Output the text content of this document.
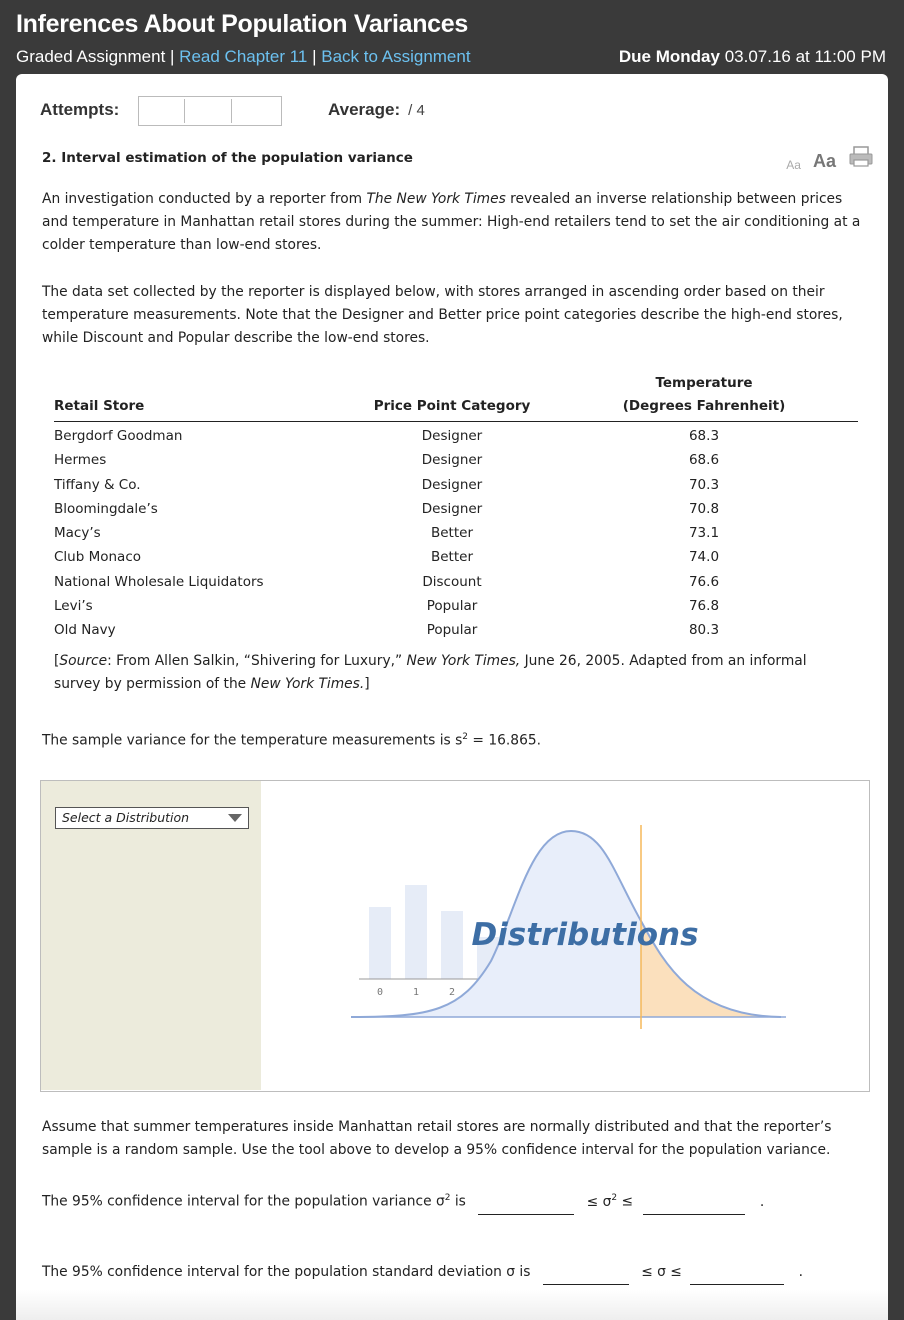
Inferences About Population Variances
Graded Assignment | Read Chapter 11 | Back to Assignment	Due Monday 03.07.16 at 11:00 PM
Attempts:	Average: / 4
2. Interval estimation of the population variance	Aa Aa
An investigation conducted by a reporter from The New York Times revealed an inverse relationship between prices and temperature in Manhattan retail stores during the summer: High-end retailers tend to set the air conditioning at a colder temperature than low-end stores.
The data set collected by the reporter is displayed below, with stores arranged in ascending order based on their temperature measurements. Note that the Designer and Better price point categories describe the high-end stores, while Discount and Popular describe the low-end stores.
Retail Store	Price Point Category	Temperature
(Degrees Fahrenheit)

Bergdorf Goodman	Designer	68.3
Hermes	Designer	68.6
Tiffany & Co.	Designer	70.3
Bloomingdale’s	Designer	70.8
Macy’s	Better	73.1
Club Monaco	Better	74.0
National Wholesale Liquidators	Discount	76.6
Levi’s	Popular	76.8
Old Navy	Popular	80.3
[Source: From Allen Salkin, “Shivering for Luxury,” New York Times, June 26, 2005. Adapted from an informal survey by permission of the New York Times.]
The sample variance for the temperature measurements is $s^2 = 16.865$.
Select a Distribution
0	1	2
Distributions
Assume that summer temperatures inside Manhattan retail stores are normally distributed and that the reporter’s sample is a random sample. Use the tool above to develop a 95% confidence interval for the population variance.
The 95% confidence interval for the population variance $\sigma^2$ is	≤ $\sigma^2$ ≤	.
The 95% confidence interval for the population standard deviation σ is	≤ σ ≤	.
